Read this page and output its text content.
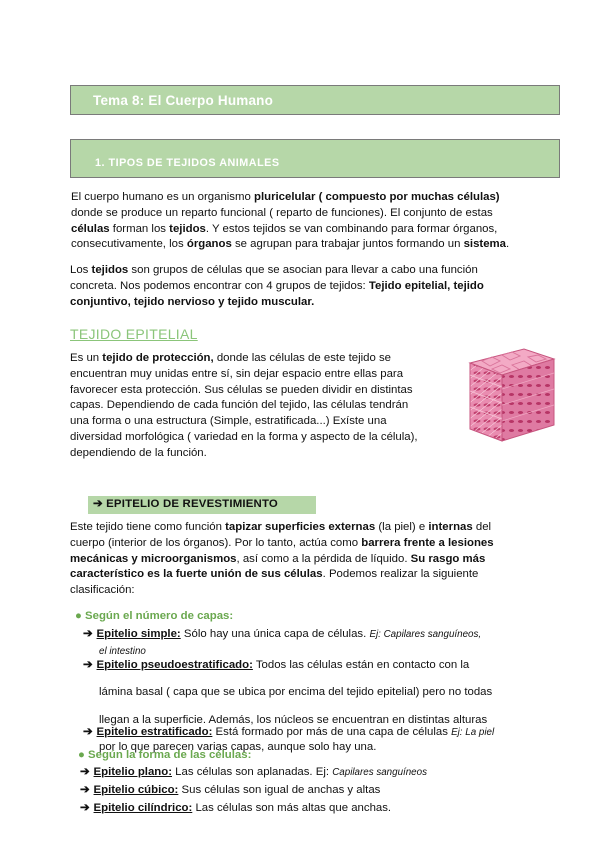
Tema 8: El Cuerpo Humano
1. TIPOS DE TEJIDOS ANIMALES

El cuerpo humano es un organismo pluricelular ( compuesto por muchas células)

donde se produce un reparto funcional ( reparto de funciones). El conjunto de estas

células forman los tejidos. Y estos tejidos se van combinando para formar órganos,

consecutivamente, los órganos se agrupan para trabajar juntos formando un sistema.

Los tejidos son grupos de células que se asocian para llevar a cabo una función

concreta. Nos podemos encontrar con 4 grupos de tejidos: Tejido epitelial, tejido

conjuntivo, tejido nervioso y tejido muscular.

TEJIDO EPITELIAL

Es un tejido de protección, donde las células de este tejido se

encuentran muy unidas entre sí, sin dejar espacio entre ellas para

favorecer esta protección. Sus células se pueden dividir en distintas

capas. Dependiendo de cada función del tejido, las células tendrán

una forma o una estructura (Simple, estratificada...) Exíste una

diversidad morfológica ( variedad en la forma y aspecto de la célula),

dependiendo de la función.

➔ EPITELIO DE REVESTIMIENTO

Este tejido tiene como función tapizar superficies externas (la piel) e internas del

cuerpo (interior de los órganos). Por lo tanto, actúa como barrera frente a lesiones

mecánicas y microorganismos, así como a la pérdida de líquido. Su rasgo más

característico es la fuerte unión de sus células. Podemos realizar la siguiente

clasificación:

● Según el número de capas:
➔ Epitelio simple: Sólo hay una única capa de células. Ej: Capilares sanguíneos,
el intestino
➔ Epitelio pseudoestratificado: Todos las células están en contacto con la

lámina basal ( capa que se ubica por encima del tejido epitelial) pero no todas

llegan a la superficie. Además, los núcleos se encuentran en distintas alturas

por lo que parecen varias capas, aunque solo hay una.

➔ Epitelio estratificado: Está formado por más de una capa de células Ej: La piel
● Según la forma de las células:
➔ Epitelio plano: Las células son aplanadas. Ej: Capilares sanguíneos
➔ Epitelio cúbico: Sus células son igual de anchas y altas
➔ Epitelio cilíndrico: Las células son más altas que anchas.
